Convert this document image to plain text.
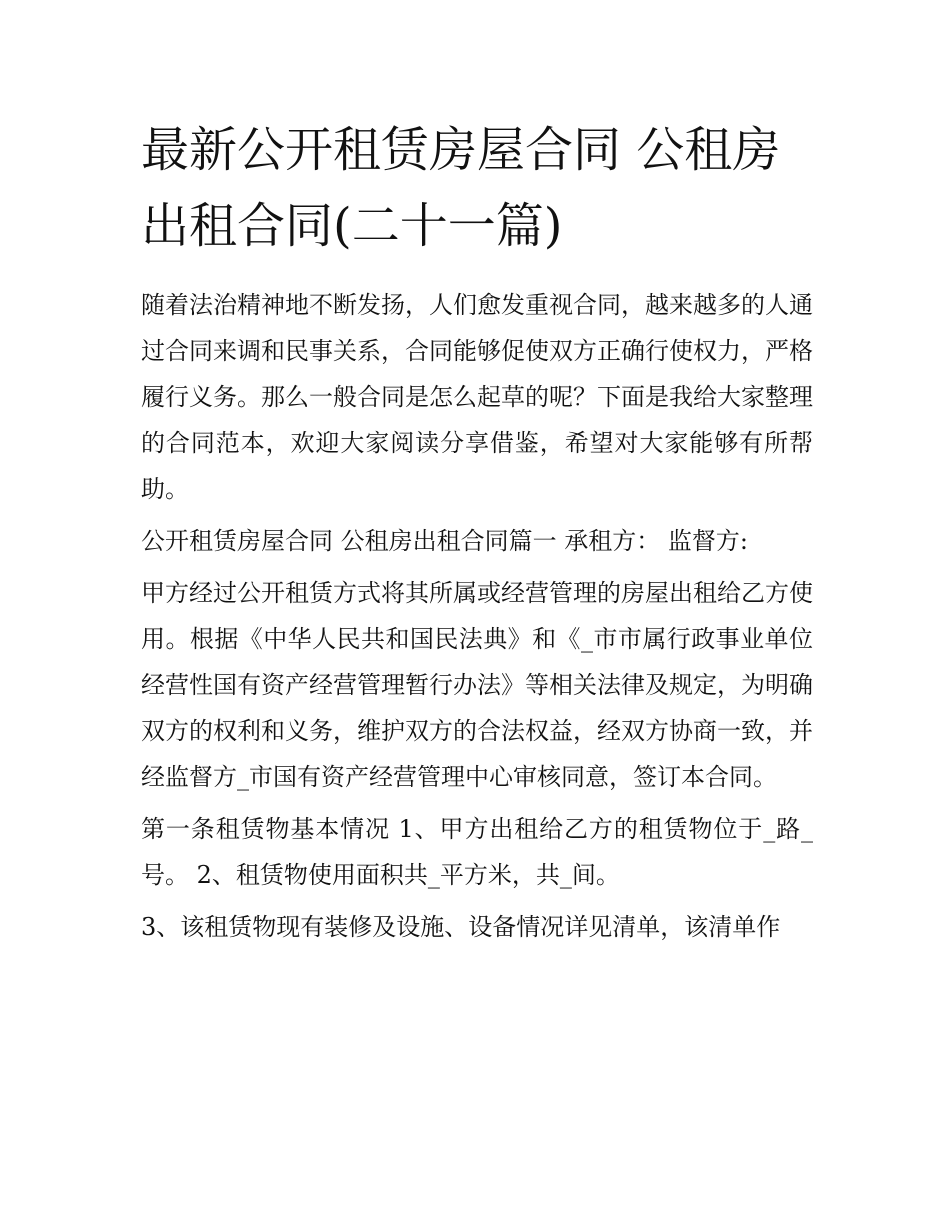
最新公开租赁房屋合同 公租房出租合同(二十一篇)

随着法治精神地不断发扬，人们愈发重视合同，越来越多的人通过合同来调和民事关系，合同能够促使双方正确行使权力，严格履行义务。那么一般合同是怎么起草的呢？下面是我给大家整理的合同范本，欢迎大家阅读分享借鉴，希望对大家能够有所帮助。

公开租赁房屋合同 公租房出租合同篇一 承租方： 监督方:

甲方经过公开租赁方式将其所属或经营管理的房屋出租给乙方使用。根据《中华人民共和国民法典》和《_市市属行政事业单位经营性国有资产经营管理暂行办法》等相关法律及规定，为明确双方的权利和义务，维护双方的合法权益，经双方协商一致，并经监督方_市国有资产经营管理中心审核同意，签订本合同。

第一条租赁物基本情况 1、甲方出租给乙方的租赁物位于_路_号。 2、租赁物使用面积共_平方米，共_间。

3、该租赁物现有装修及设施、设备情况详见清单，该清单作
